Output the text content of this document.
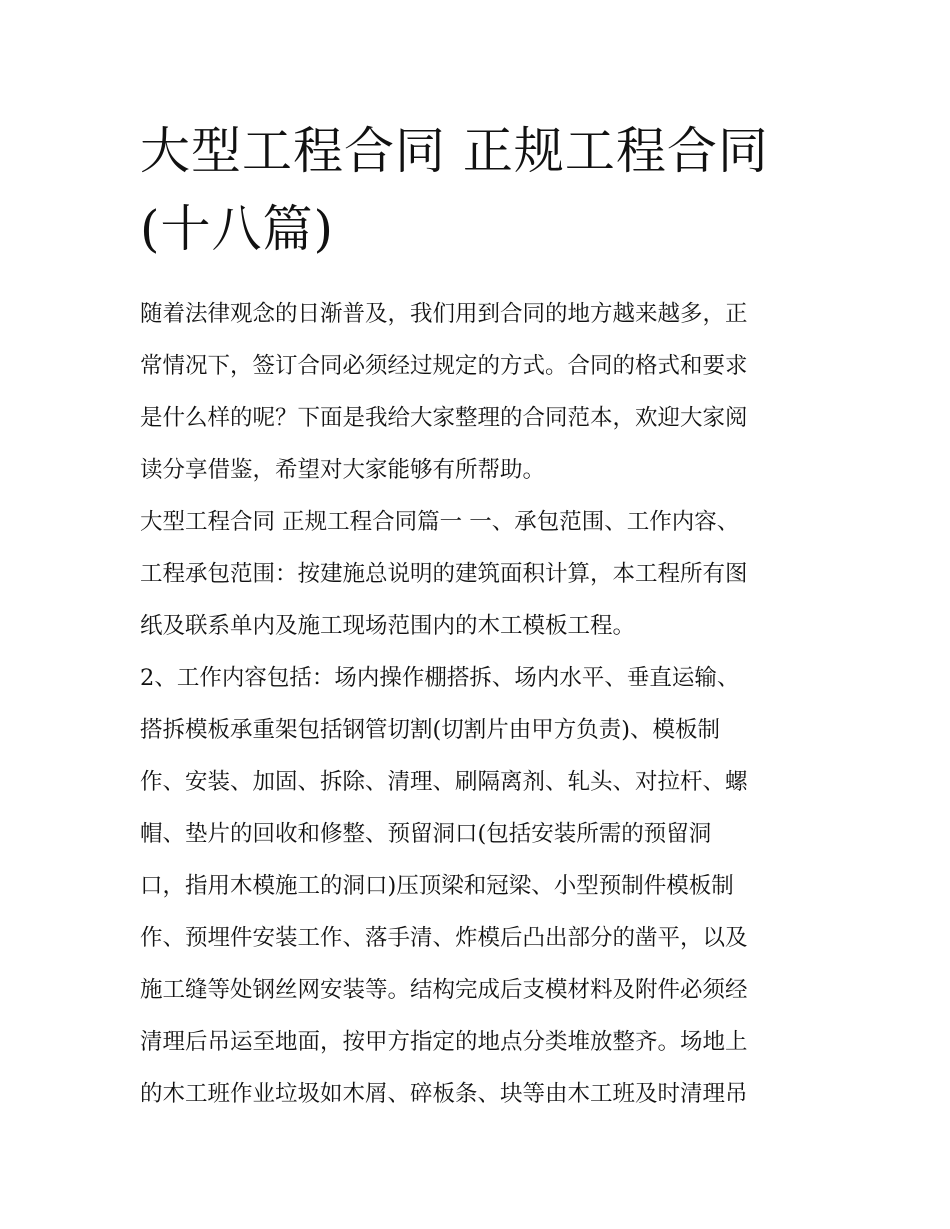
大型工程合同 正规工程合同
(十八篇)

随着法律观念的日渐普及，我们用到合同的地方越来越多，正
常情况下，签订合同必须经过规定的方式。合同的格式和要求
是什么样的呢？下面是我给大家整理的合同范本，欢迎大家阅
读分享借鉴，希望对大家能够有所帮助。

大型工程合同 正规工程合同篇一 一、承包范围、工作内容、
工程承包范围：按建施总说明的建筑面积计算，本工程所有图
纸及联系单内及施工现场范围内的木工模板工程。

2、工作内容包括：场内操作棚搭拆、场内水平、垂直运输、
搭拆模板承重架包括钢管切割(切割片由甲方负责)、模板制
作、安装、加固、拆除、清理、刷隔离剂、轧头、对拉杆、螺
帽、垫片的回收和修整、预留洞口(包括安装所需的预留洞
口，指用木模施工的洞口)压顶梁和冠梁、小型预制件模板制
作、预埋件安装工作、落手清、炸模后凸出部分的凿平，以及
施工缝等处钢丝网安装等。结构完成后支模材料及附件必须经
清理后吊运至地面，按甲方指定的地点分类堆放整齐。场地上
的木工班作业垃圾如木屑、碎板条、块等由木工班及时清理吊
